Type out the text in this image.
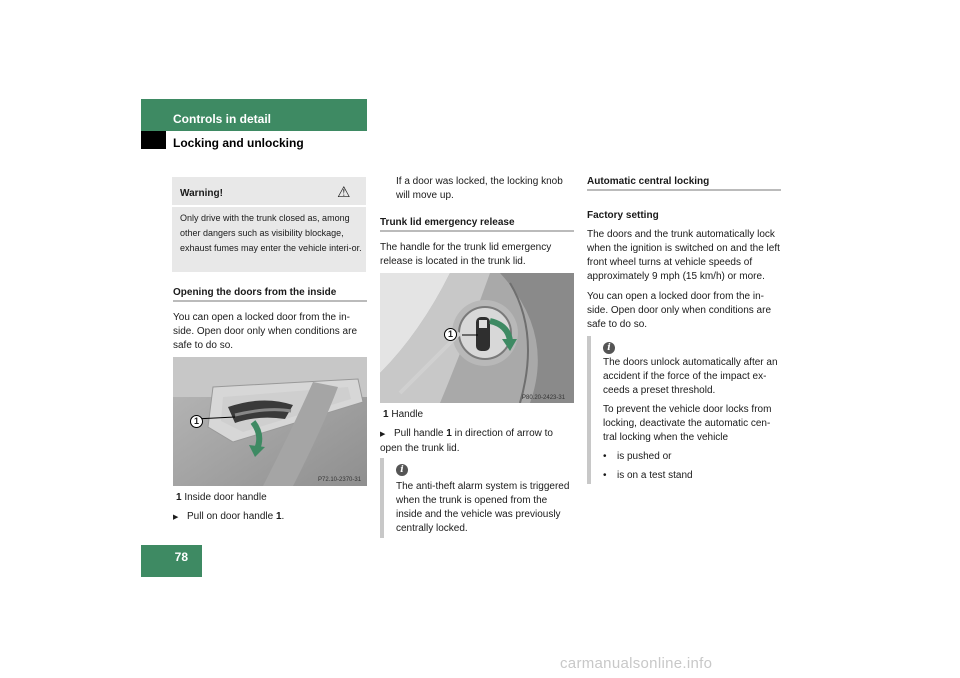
Controls in detail
Locking and unlocking
Warning!	⚠
Only drive with the trunk closed as, among other dangers such as visibility blockage, exhaust fumes may enter the vehicle interi-or.
Opening the doors from the inside
You can open a locked door from the in-side. Open door only when conditions are safe to do so.
1
P72.10-2370-31
1 Inside door handle
▶ Pull on door handle 1.
If a door was locked, the locking knob will move up.
Trunk lid emergency release
The handle for the trunk lid emergency release is located in the trunk lid.
1
P80.20-2423-31
1 Handle
▶ Pull handle 1 in direction of arrow to open the trunk lid.
i
The anti-theft alarm system is triggered when the trunk is opened from the inside and the vehicle was previously centrally locked.
Automatic central locking
Factory setting
The doors and the trunk automatically lock when the ignition is switched on and the left front wheel turns at vehicle speeds of approximately 9 mph (15 km/h) or more.
You can open a locked door from the in-side. Open door only when conditions are safe to do so.
i
The doors unlock automatically after an accident if the force of the impact ex-ceeds a preset threshold.
To prevent the vehicle door locks from locking, deactivate the automatic cen-tral locking when the vehicle
• is pushed or
• is on a test stand
78
carmanualsonline.info
